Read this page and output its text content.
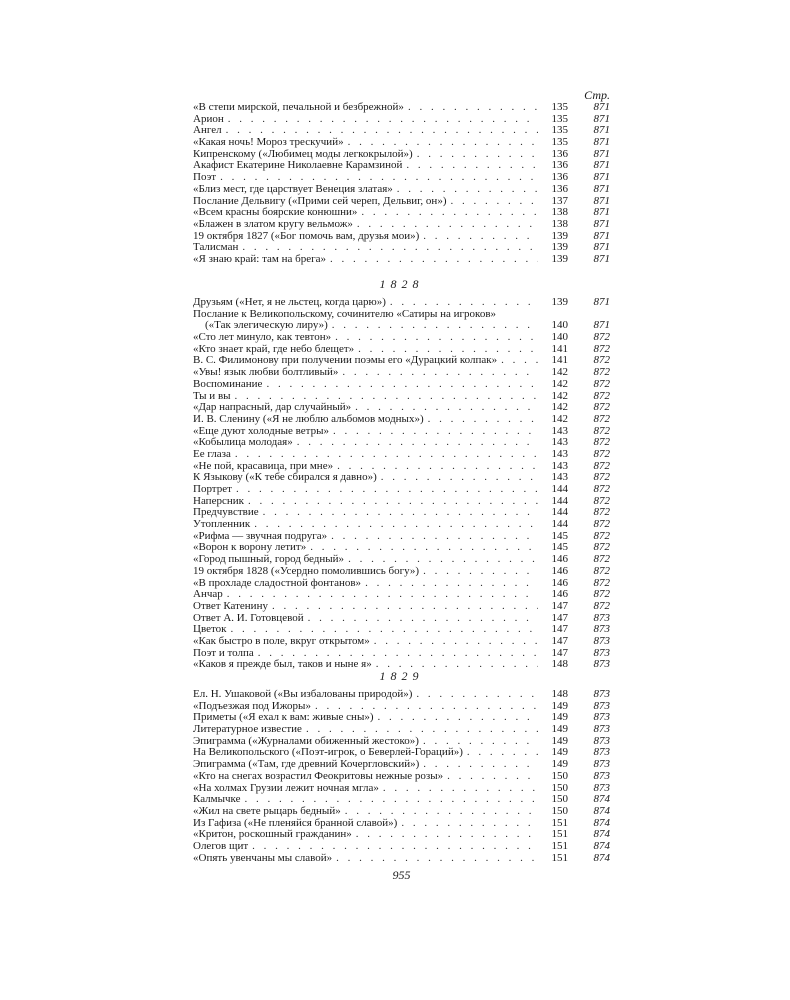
Стр.
«В степи мирской, печальной и безбрежной» . . .	135	871
Арион . . .	135	871
Ангел . . .	135	871
«Какая ночь! Мороз трескучий» . . .	135	871
Кипренскому («Любимец моды легкокрылой») . . .	136	871
Акафист Екатерине Николаевне Карамзиной . . .	136	871
Поэт . . .	136	871
«Близ мест, где царствует Венеция златая» . . .	136	871
Послание Дельвигу («Прими сей череп, Дельвиг, он») . . .	137	871
«Всем красны боярские конюшни» . . .	138	871
«Блажен в златом кругу вельмож» . . .	138	871
19 октября 1827 («Бог помочь вам, друзья мои») . . .	139	871
Талисман . . .	139	871
«Я знаю край: там на брега» . . .	139	871
1828
Друзьям («Нет, я не льстец, когда царю») . . .	139	871
Послание к Великопольскому, сочинителю «Сатиры на игроков»
(«Так элегическую лиру») . . .	140	871
«Сто лет минуло, как тевтон» . . .	140	872
«Кто знает край, где небо блещет» . . .	141	872
В. С. Филимонову при получении поэмы его «Дурацкий колпак» . . .	141	872
«Увы! язык любви болтливый» . . .	142	872
Воспоминание . . .	142	872
Ты и вы . . .	142	872
«Дар напрасный, дар случайный» . . .	142	872
И. В. Сленину («Я не люблю альбомов модных») . . .	142	872
«Еще дуют холодные ветры» . . .	143	872
«Кобылица молодая» . . .	143	872
Ее глаза . . .	143	872
«Не пой, красавица, при мне» . . .	143	872
К Языкову («К тебе сбирался я давно») . . .	143	872
Портрет . . .	144	872
Наперсник . . .	144	872
Предчувствие . . .	144	872
Утопленник . . .	144	872
«Рифма — звучная подруга» . . .	145	872
«Ворон к ворону летит» . . .	145	872
«Город пышный, город бедный» . . .	146	872
19 октября 1828 («Усердно помолившись богу») . . .	146	872
«В прохладе сладостной фонтанов» . . .	146	872
Анчар . . .	146	872
Ответ Катенину . . .	147	872
Ответ А. И. Готовцевой . . .	147	873
Цветок . . .	147	873
«Как быстро в поле, вкруг открытом» . . .	147	873
Поэт и толпа . . .	147	873
«Каков я прежде был, таков и ныне я» . . .	148	873
1829
Ел. Н. Ушаковой («Вы избалованы природой») . . .	148	873
«Подъезжая под Ижоры» . . .	149	873
Приметы («Я ехал к вам: живые сны») . . .	149	873
Литературное известие . . .	149	873
Эпиграмма («Журналами обиженный жестоко») . . .	149	873
На Великопольского («Поэт-игрок, о Беверлей-Гораций») . . .	149	873
Эпиграмма («Там, где древний Кочергловский») . . .	149	873
«Кто на снегах возрастил Феокритовы нежные розы» . . .	150	873
«На холмах Грузии лежит ночная мгла» . . .	150	873
Калмычке . . .	150	874
«Жил на свете рыцарь бедный» . . .	150	874
Из Гафиза («Не пленяйся бранной славой») . . .	151	874
«Критон, роскошный гражданин» . . .	151	874
Олегов щит . . .	151	874
«Опять увенчаны мы славой» . . .	151	874
955
